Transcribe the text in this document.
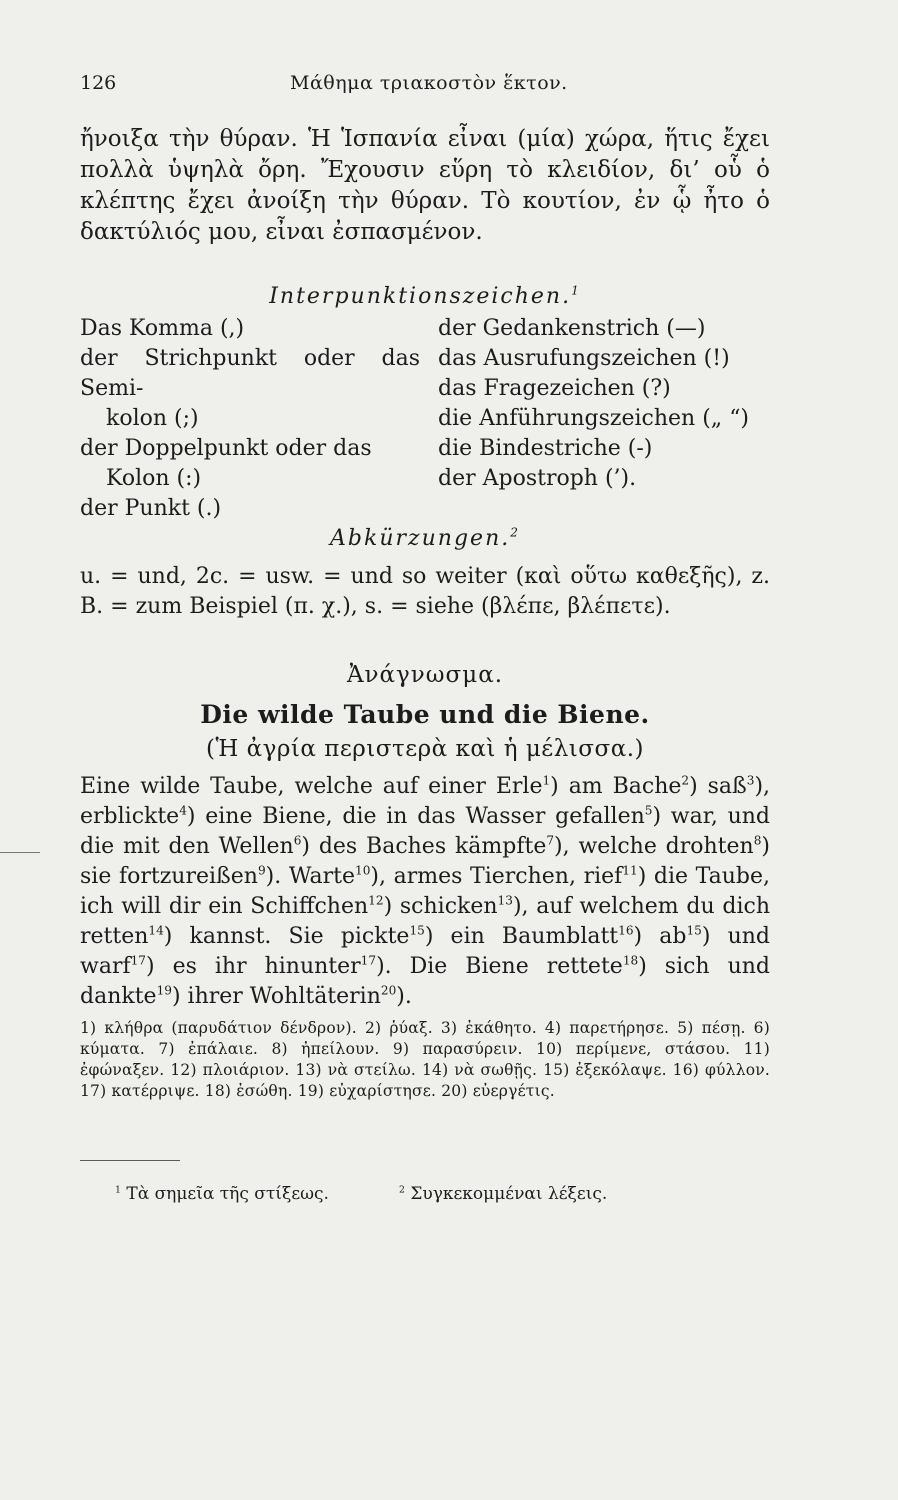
126	Μάθημα τριακοστὸν ἕκτον.
ἤνοιξα τὴν θύραν. Ἡ Ἱσπανία εἶναι (μία) χώρα, ἥτις ἔχει πολλὰ ὑψηλὰ ὄρη. Ἔχουσιν εὕρη τὸ κλειδίον, δι’ οὗ ὁ κλέπτης ἔχει ἀνοίξη τὴν θύραν. Τὸ κουτίον, ἐν ᾧ ἦτο ὁ δακτύλιός μου, εἶναι ἐσπασμένον.
Interpunktionszeichen.$^1$
Das Komma (,)
der Strichpunkt oder das Semi-
kolon (;)
der Doppelpunkt oder das
Kolon (:)
der Punkt (.)
der Gedankenstrich (—)
das Ausrufungszeichen (!)
das Fragezeichen (?)
die Anführungszeichen („ “)
die Bindestriche (-)
der Apostroph (’).
Abkürzungen.$^2$
u. = und, 2c. = usw. = und so weiter (καὶ οὕτω καθεξῆς), z. B. = zum Beispiel (π. χ.), s. = siehe (βλέπε, βλέπετε).
Ἀνάγνωσμα.
Die wilde Taube und die Biene.
(Ἡ ἀγρία περιστερὰ καὶ ἡ μέλισσα.)
Eine wilde Taube, welche auf einer Erle$^1$) am Bache$^2$) saß$^3$), erblickte$^4$) eine Biene, die in das Wasser gefallen$^5$) war, und die mit den Wellen$^6$) des Baches kämpfte$^7$), welche drohten$^8$) sie fortzureißen$^9$). Warte$^{10}$), armes Tierchen, rief$^{11}$) die Taube, ich will dir ein Schiffchen$^{12}$) schicken$^{13}$), auf welchem du dich retten$^{14}$) kannst. Sie pickte$^{15}$) ein Baumblatt$^{16}$) $ab^{15}$) und warf$^{17}$) es ihr hinunter$^{17}$). Die Biene rettete$^{18}$) sich und dankte$^{19}$) ihrer Wohltäterin$^{20}$).
1) κλήθρα (παρυδάτιον δένδρον). 2) ῥύαξ. 3) ἐκάθητο. 4) παρετήρησε. 5) πέσῃ. 6) κύματα. 7) ἐπάλαιε. 8) ἠπείλουν. 9) παρασύρειν. 10) περίμενε, στάσου. 11) ἐφώναξεν. 12) πλοιάριον. 13) νὰ στείλω. 14) νὰ σωθῇς. 15) ἐξεκόλαψε. 16) φύλλον. 17) κατέρριψε. 18) ἐσώθη. 19) εὐχαρίστησε. 20) εὐεργέτις.
$^1$ Τὰ σημεῖα τῆς στίξεως.	$^2$ Συγκεκομμέναι λέξεις.
